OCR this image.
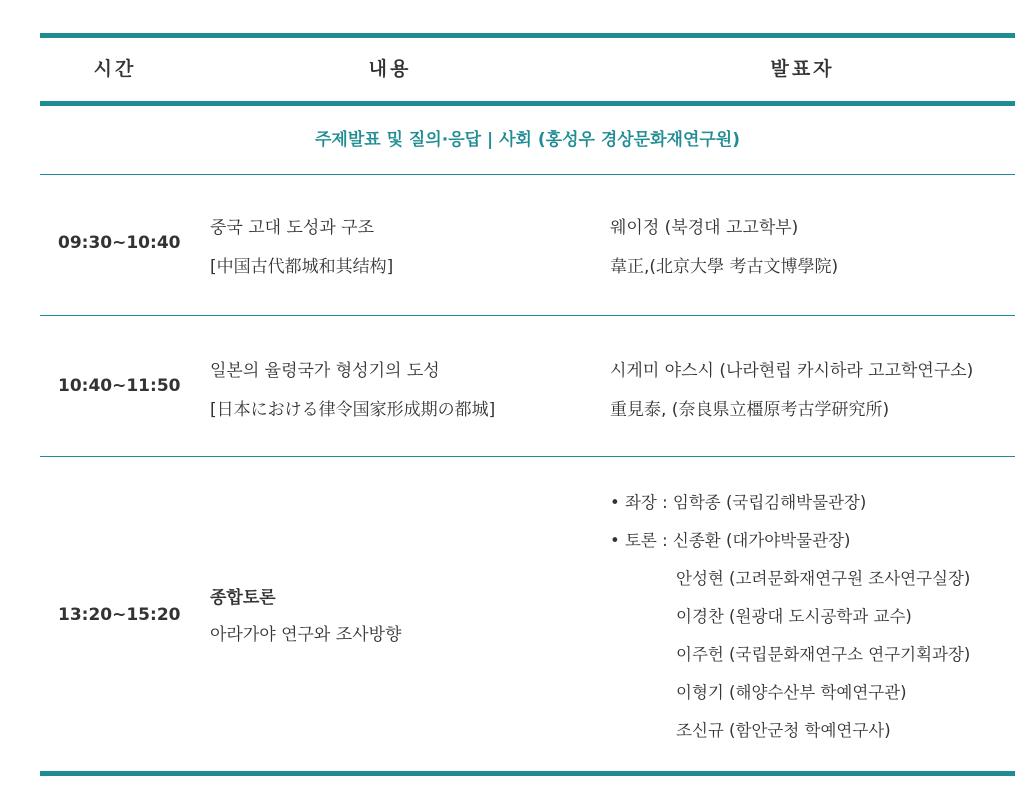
시간	내용	발표자
주제발표 및 질의·응답 | 사회 (홍성우 경상문화재연구원)
09:30~10:40
중국 고대 도성과 구조
[中国古代都城和其结构]
웨이정 (북경대 고고학부)
韋正,(北京大學 考古文博學院)
10:40~11:50
일본의 율령국가 형성기의 도성
[日本における律令国家形成期の都城]
시게미 야스시 (나라현립 카시하라 고고학연구소)
重見泰, (奈良県立橿原考古学研究所)
13:20~15:20
종합토론
아라가야 연구와 조사방향
• 좌장 : 임학종 (국립김해박물관장)
• 토론 : 신종환 (대가야박물관장)
안성현 (고려문화재연구원 조사연구실장)
이경찬 (원광대 도시공학과 교수)
이주헌 (국립문화재연구소 연구기획과장)
이형기 (해양수산부 학예연구관)
조신규 (함안군청 학예연구사)
